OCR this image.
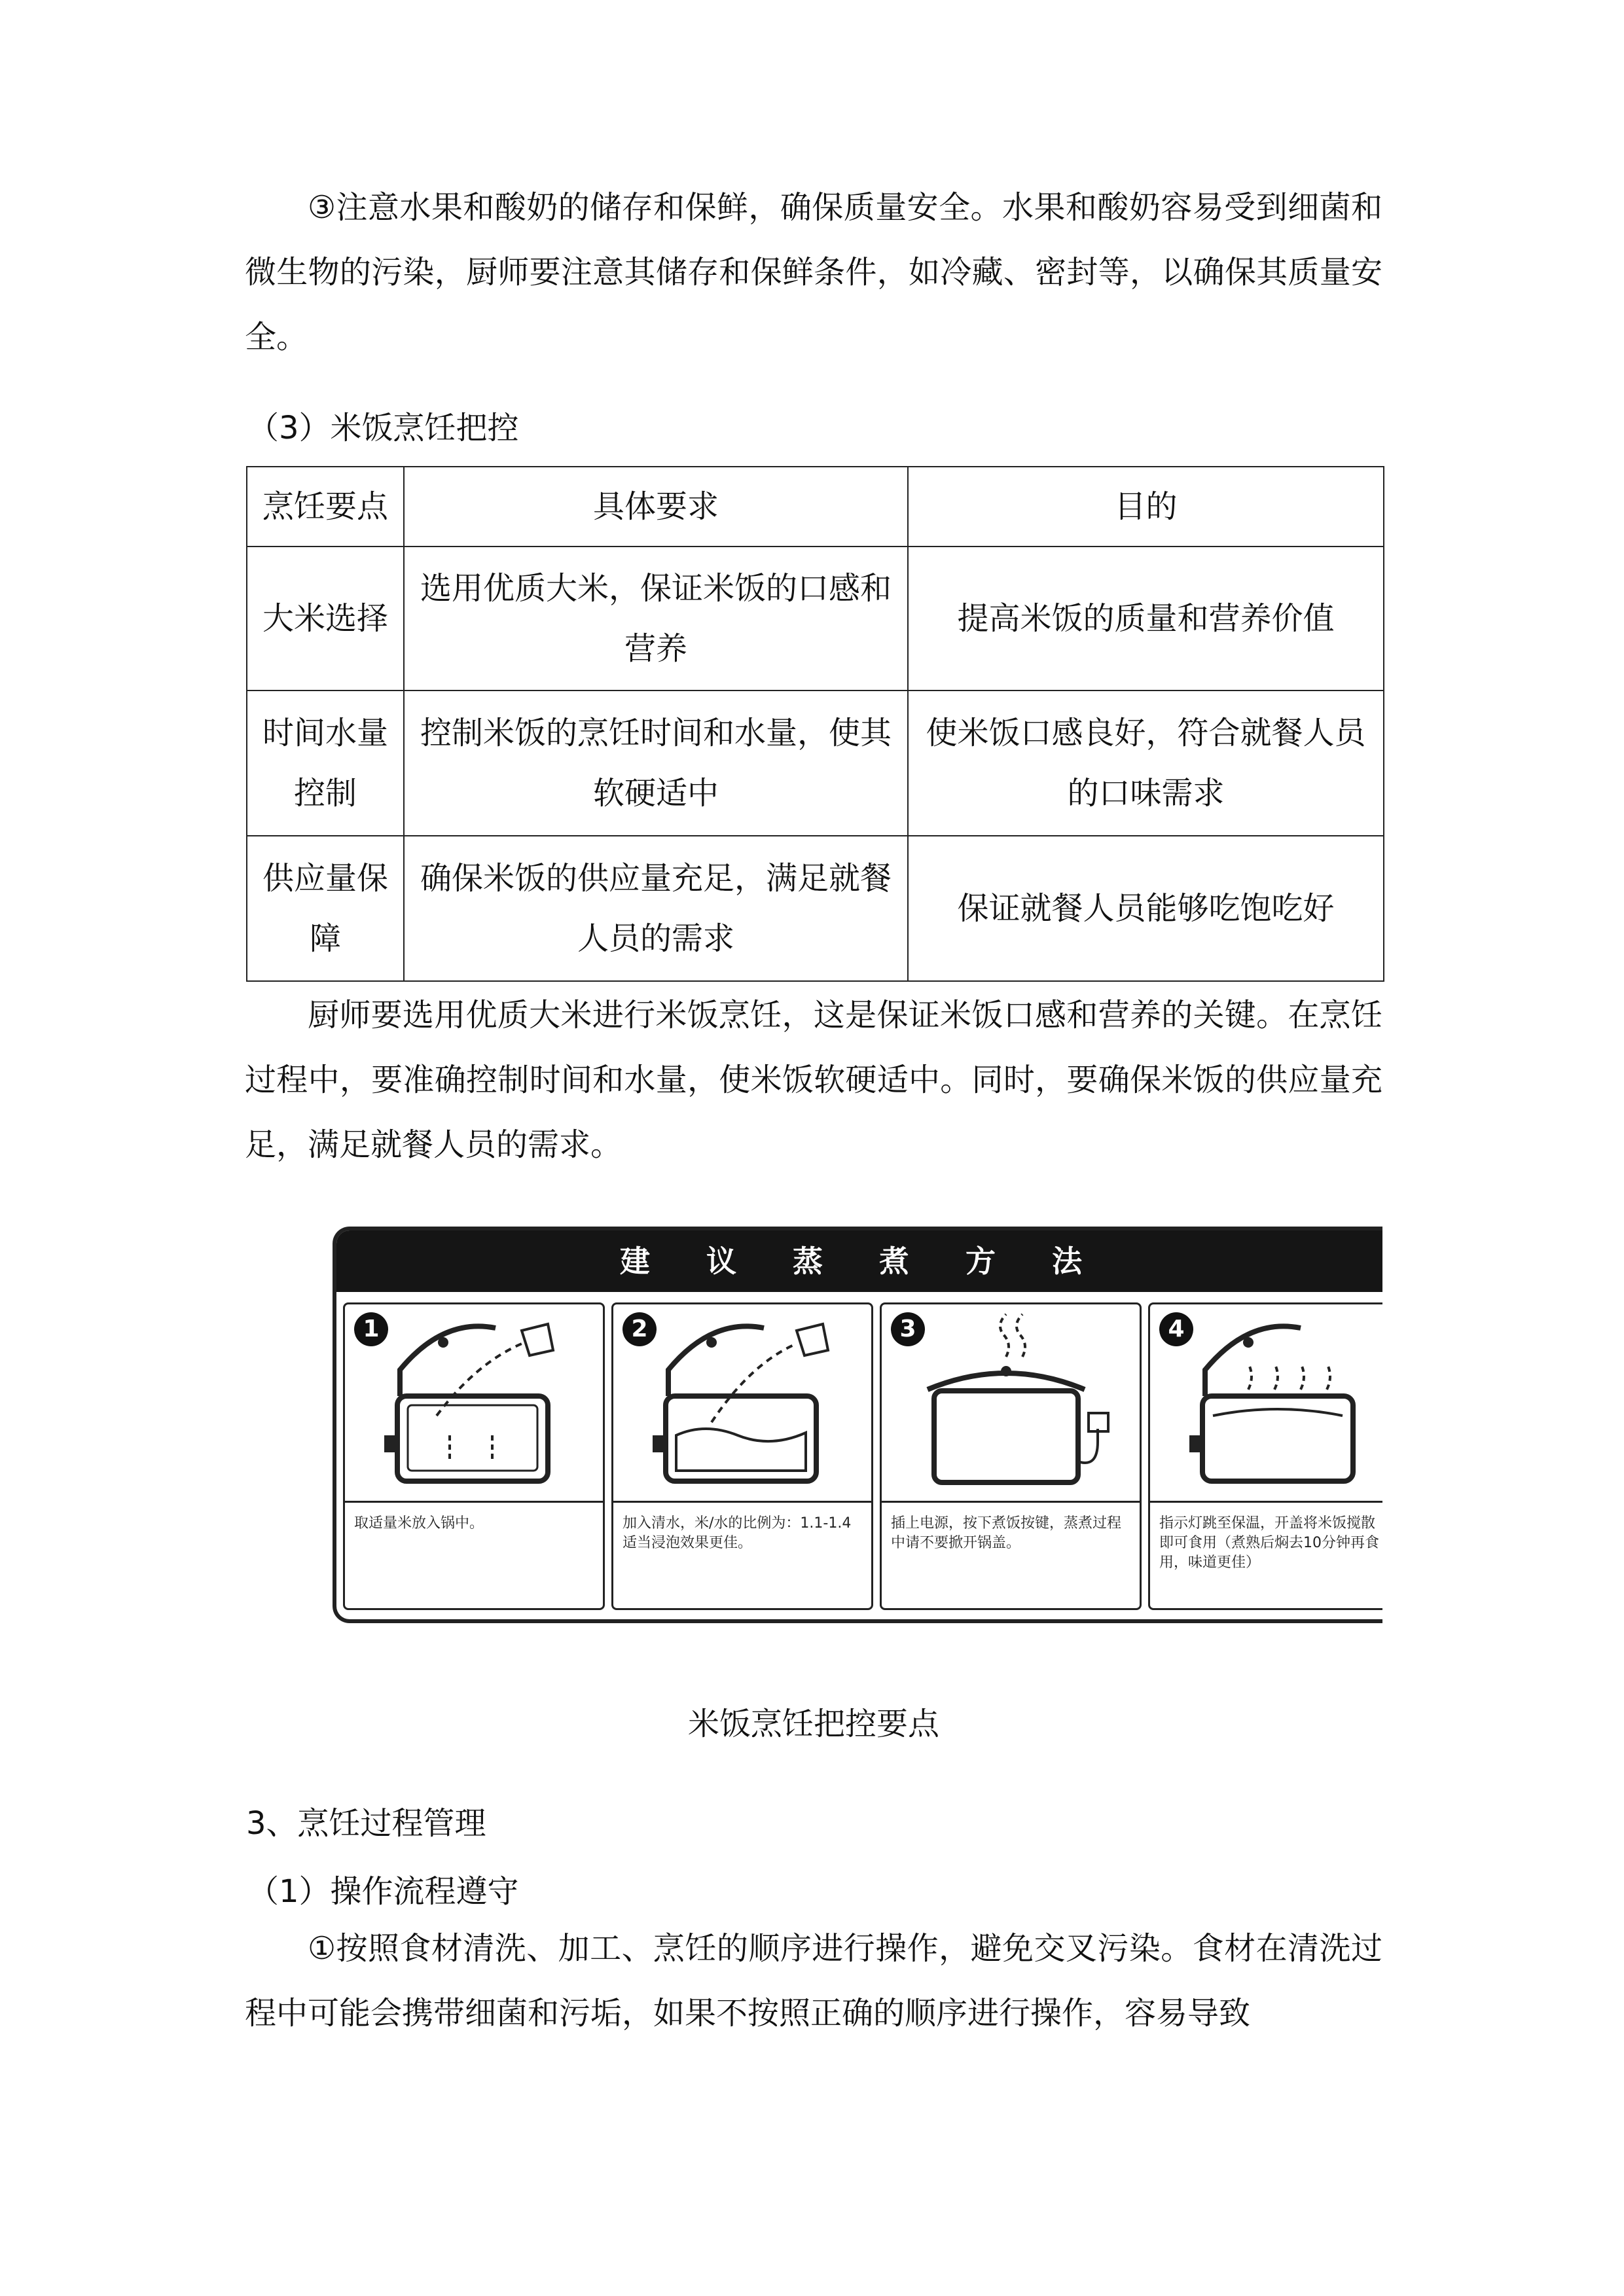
③注意水果和酸奶的储存和保鲜，确保质量安全。水果和酸奶容易受到细菌和微生物的污染，厨师要注意其储存和保鲜条件，如冷藏、密封等，以确保其质量安全。

（3）米饭烹饪把控

烹饪要点	具体要求	目的
大米选择	选用优质大米，保证米饭的口感和营养	提高米饭的质量和营养价值
时间水量控制	控制米饭的烹饪时间和水量，使其软硬适中	使米饭口感良好，符合就餐人员的口味需求
供应量保障	确保米饭的供应量充足，满足就餐人员的需求	保证就餐人员能够吃饱吃好

厨师要选用优质大米进行米饭烹饪，这是保证米饭口感和营养的关键。在烹饪过程中，要准确控制时间和水量，使米饭软硬适中。同时，要确保米饭的供应量充足，满足就餐人员的需求。

建议蒸煮方法
1
取适量米放入锅中。
2
加入清水，米/水的比例为：1.1-1.4适当浸泡效果更佳。
3
插上电源，按下煮饭按键，蒸煮过程中请不要掀开锅盖。
4
指示灯跳至保温，开盖将米饭搅散即可食用（煮熟后焖去10分钟再食用，味道更佳）
米饭烹饪把控要点

3、烹饪过程管理

（1）操作流程遵守

①按照食材清洗、加工、烹饪的顺序进行操作，避免交叉污染。食材在清洗过程中可能会携带细菌和污垢，如果不按照正确的顺序进行操作，容易导致
